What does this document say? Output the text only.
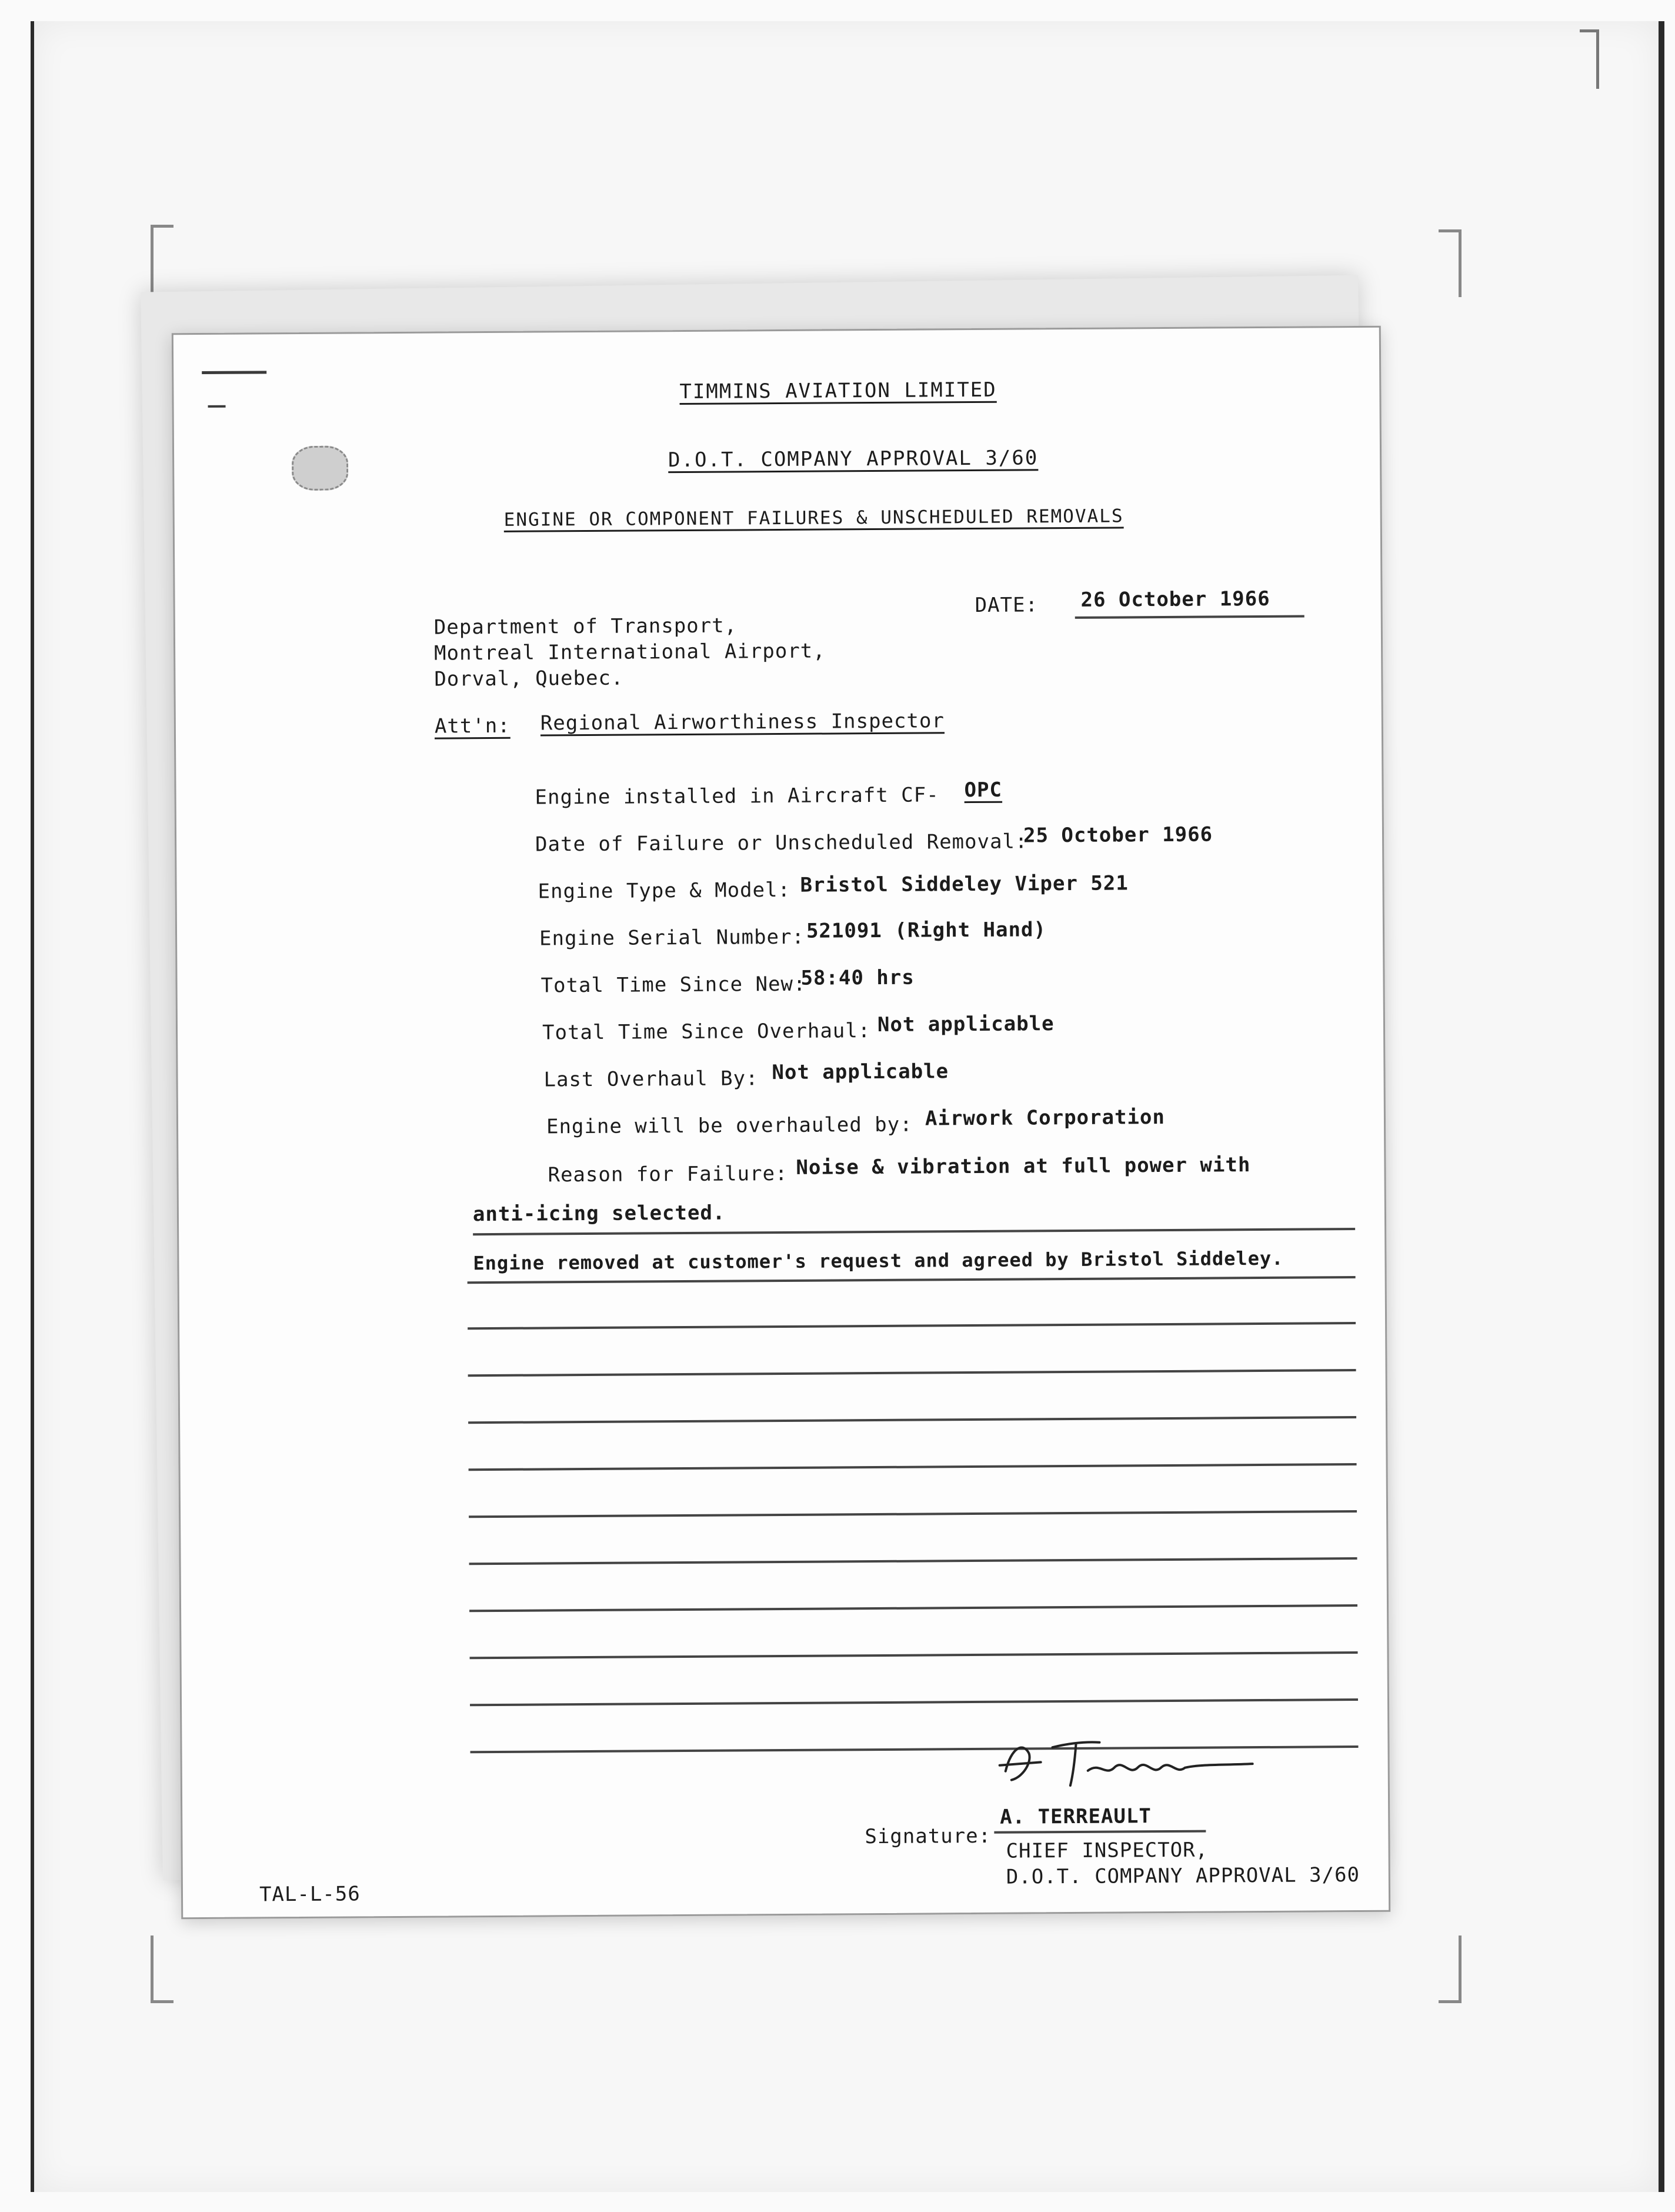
TIMMINS AVIATION LIMITED
D.O.T. COMPANY APPROVAL 3/60
ENGINE OR COMPONENT FAILURES & UNSCHEDULED REMOVALS
DATE: 26 October 1966
Department of Transport,
Montreal International Airport,
Dorval, Quebec.
Att'n: Regional Airworthiness Inspector
Engine installed in Aircraft CF- OPC
Date of Failure or Unscheduled Removal:
25 October 1966
Engine Type & Model: Bristol Siddeley Viper 521
Engine Serial Number: 521091 (Right Hand)
Total Time Since New:
58:40 hrs
Total Time Since Overhaul: Not applicable
Last Overhaul By: Not applicable
Engine will be overhauled by: Airwork Corporation
Reason for Failure: Noise & vibration at full power with
anti-icing selected.
Engine removed at customer's request and agreed by Bristol Siddeley.
Signature:
A. TERREAULT
CHIEF INSPECTOR,
D.O.T. COMPANY APPROVAL 3/60
TAL-L-56
